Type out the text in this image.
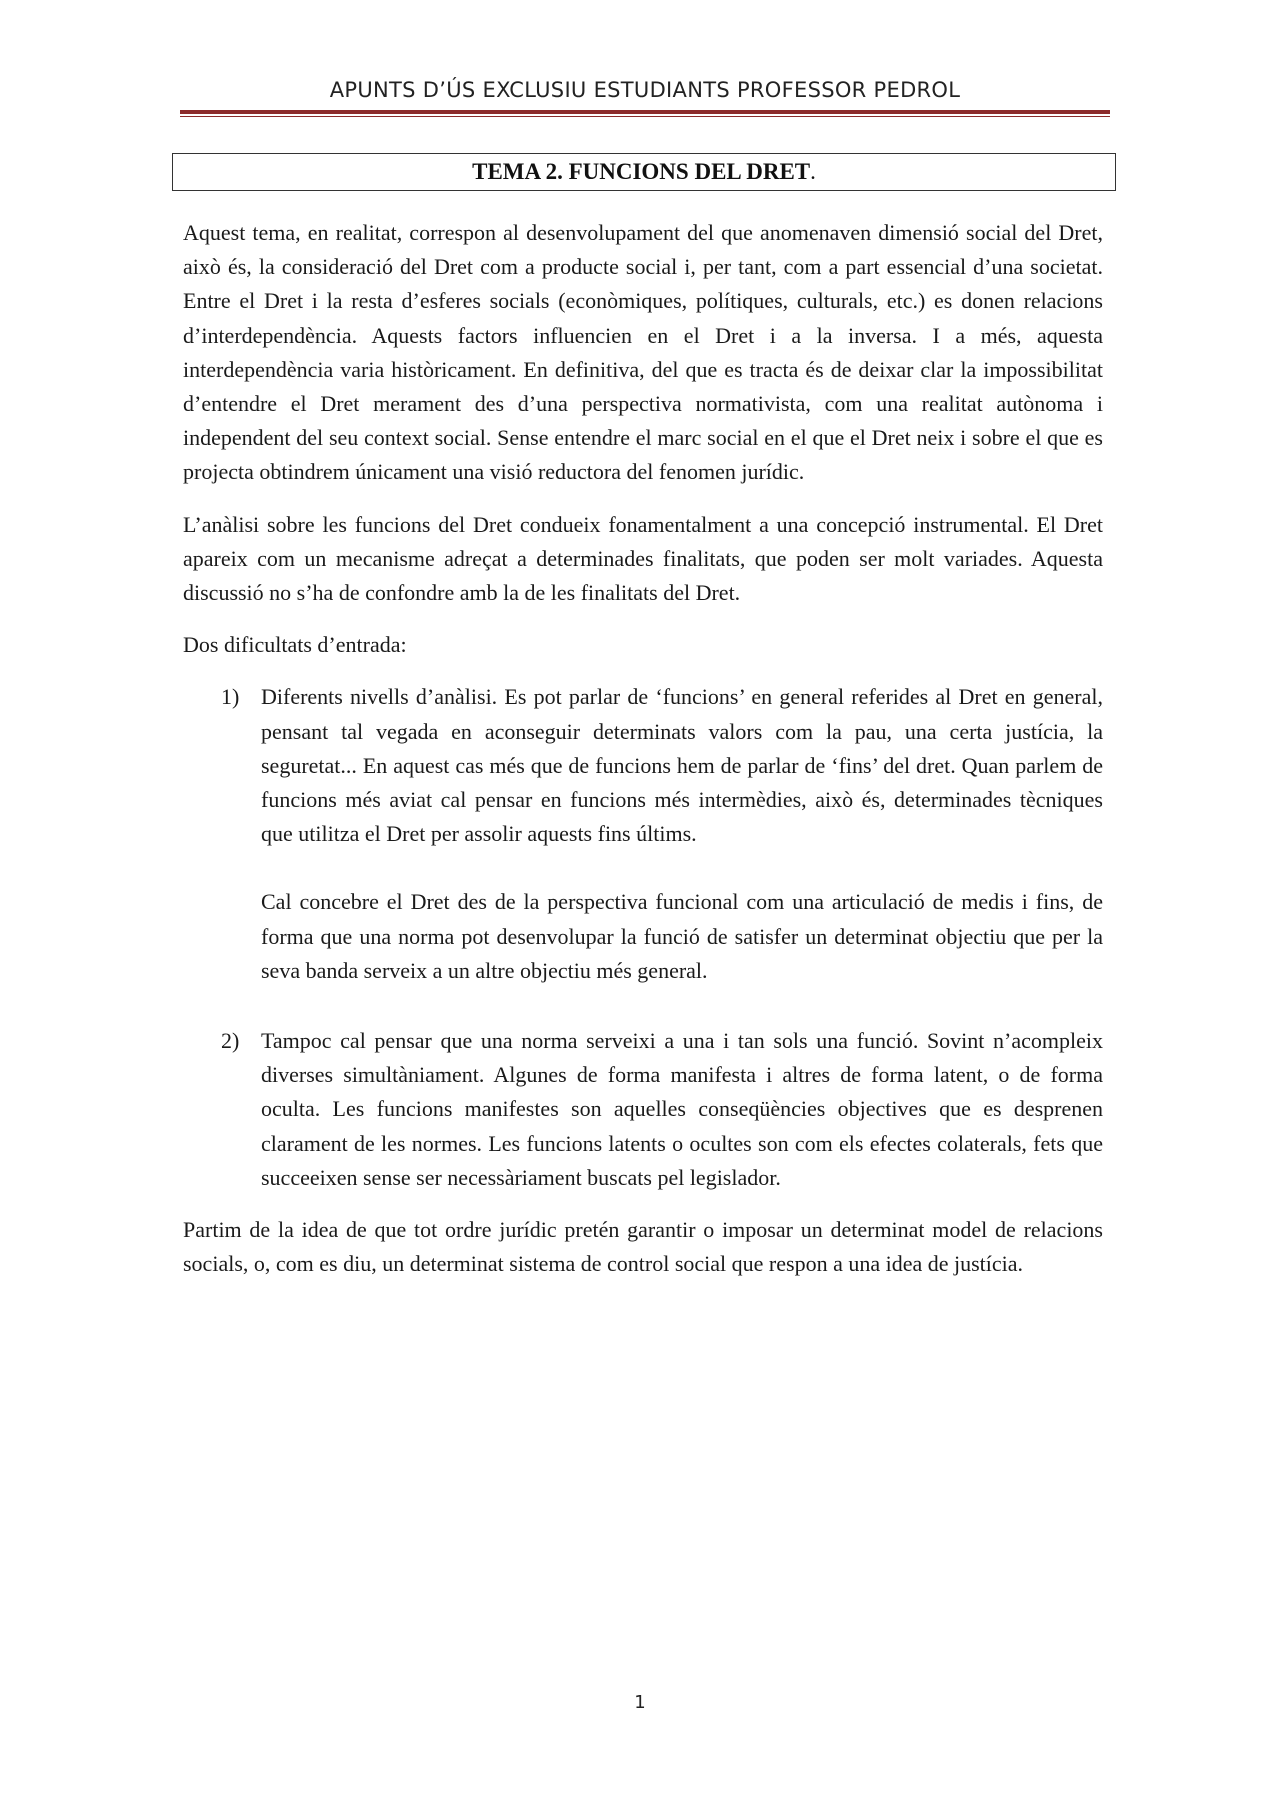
APUNTS D’ÚS EXCLUSIU ESTUDIANTS PROFESSOR PEDROL
TEMA 2. FUNCIONS DEL DRET.

Aquest tema, en realitat, correspon al desenvolupament del que anomenaven dimensió social del Dret, això és, la consideració del Dret com a producte social i, per tant, com a part essencial d’una societat. Entre el Dret i la resta d’esferes socials (econòmiques, polítiques, culturals, etc.) es donen relacions d’interdependència. Aquests factors influencien en el Dret i a la inversa. I a més, aquesta interdependència varia històricament. En definitiva, del que es tracta és de deixar clar la impossibilitat d’entendre el Dret merament des d’una perspectiva normativista, com una realitat autònoma i independent del seu context social. Sense entendre el marc social en el que el Dret neix i sobre el que es projecta obtindrem únicament una visió reductora del fenomen jurídic.

L’anàlisi sobre les funcions del Dret condueix fonamentalment a una concepció instrumental. El Dret apareix com un mecanisme adreçat a determinades finalitats, que poden ser molt variades. Aquesta discussió no s’ha de confondre amb la de les finalitats del Dret.

Dos dificultats d’entrada:

1) Diferents nivells d’anàlisi. Es pot parlar de ‘funcions’ en general referides al Dret en general, pensant tal vegada en aconseguir determinats valors com la pau, una certa justícia, la seguretat... En aquest cas més que de funcions hem de parlar de ‘fins’ del dret. Quan parlem de funcions més aviat cal pensar en funcions més intermèdies, això és, determinades tècniques que utilitza el Dret per assolir aquests fins últims.

Cal concebre el Dret des de la perspectiva funcional com una articulació de medis i fins, de forma que una norma pot desenvolupar la funció de satisfer un determinat objectiu que per la seva banda serveix a un altre objectiu més general.

2) Tampoc cal pensar que una norma serveixi a una i tan sols una funció. Sovint n’acompleix diverses simultàniament. Algunes de forma manifesta i altres de forma latent, o de forma oculta. Les funcions manifestes son aquelles conseqüències objectives que es desprenen clarament de les normes. Les funcions latents o ocultes son com els efectes colaterals, fets que succeeixen sense ser necessàriament buscats pel legislador.

Partim de la idea de que tot ordre jurídic pretén garantir o imposar un determinat model de relacions socials, o, com es diu, un determinat sistema de control social que respon a una idea de justícia.

1
